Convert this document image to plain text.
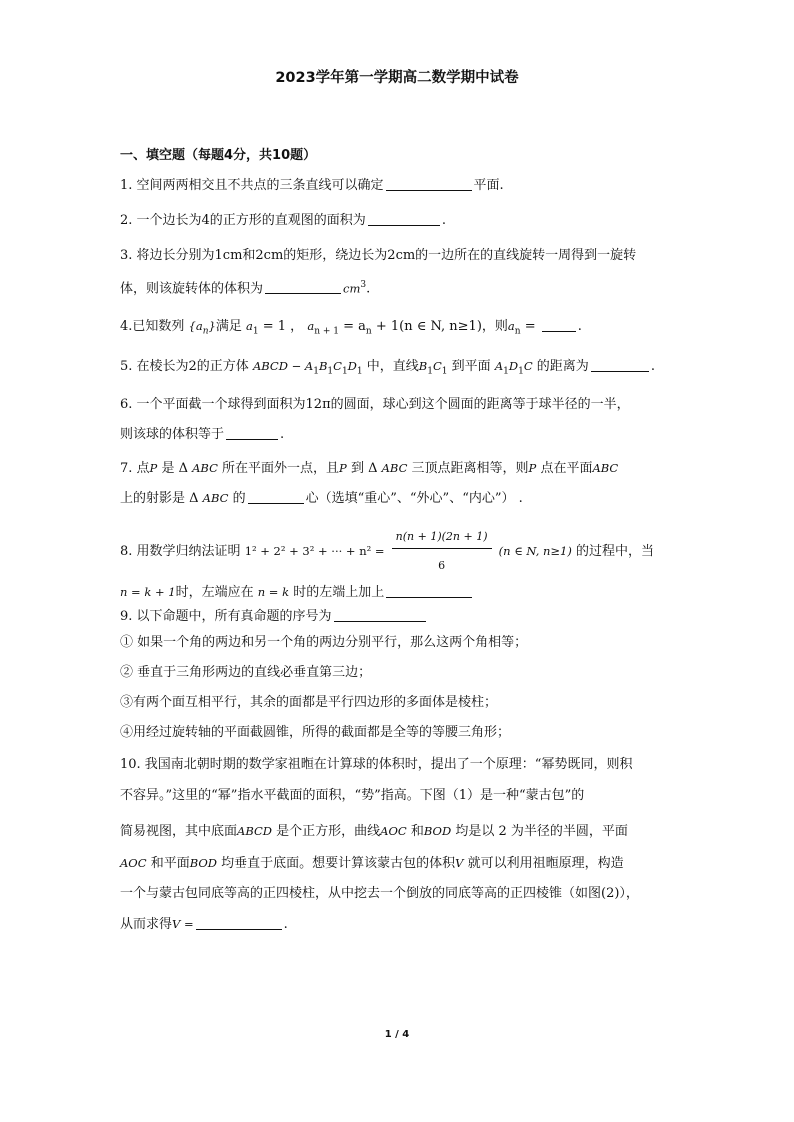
2023学年第一学期高二数学期中试卷
一、填空题（每题4分，共10题）
1. 空间两两相交且不共点的三条直线可以确定	平面.
2. 一个边长为4的正方形的直观图的面积为	.
3. 将边长分别为1cm和2cm的矩形，绕边长为2cm的一边所在的直线旋转一周得到一旋转
体，则该旋转体的体积为	$cm^3$.
4.已知数列 $\{a_n\}$满足 $a_1 = 1$ ， $a_{n + 1} = a_n + 1(n$ ∈ N, n≥1)，则$a_n$ =	.
5. 在棱长为2的正方体 ABCD − $A_1B_1C_1D_1$ 中，直线$B_1C_1$ 到平面 $A_1D_1C$ 的距离为	.
6. 一个平面截一个球得到面积为12π的圆面，球心到这个圆面的距离等于球半径的一半，
则该球的体积等于	.
7. 点P 是 Δ ABC 所在平面外一点，且P 到 Δ ABC 三顶点距离相等，则P 点在平面ABC
上的射影是 Δ ABC 的	心（选填“重心”、“外心”、“内心”） .
8. 用数学归纳法证明 1² + 2² + 3² + ··· + $n^2 = \frac{n(n + 1)(2n + 1)}{6} (n$ ∈ N, n≥1) 的过程中，当
n = k + 1时，左端应在 n = k 时的左端上加上
9. 以下命题中，所有真命题的序号为
① 如果一个角的两边和另一个角的两边分别平行，那么这两个角相等；
② 垂直于三角形两边的直线必垂直第三边；
③有两个面互相平行，其余的面都是平行四边形的多面体是棱柱；
④用经过旋转轴的平面截圆锥，所得的截面都是全等的等腰三角形；
10. 我国南北朝时期的数学家祖暅在计算球的体积时，提出了一个原理：“幂势既同，则积
不容异。”这里的“幂”指水平截面的面积，“势”指高。下图（1）是一种“蒙古包”的
简易视图，其中底面ABCD 是个正方形，曲线AOC 和BOD 均是以 2 为半径的半圆，平面
AOC 和平面BOD 均垂直于底面。想要计算该蒙古包的体积V 就可以利用祖暅原理，构造
一个与蒙古包同底等高的正四棱柱，从中挖去一个倒放的同底等高的正四棱锥（如图(2)），
从而求得V =	.
1 / 4
